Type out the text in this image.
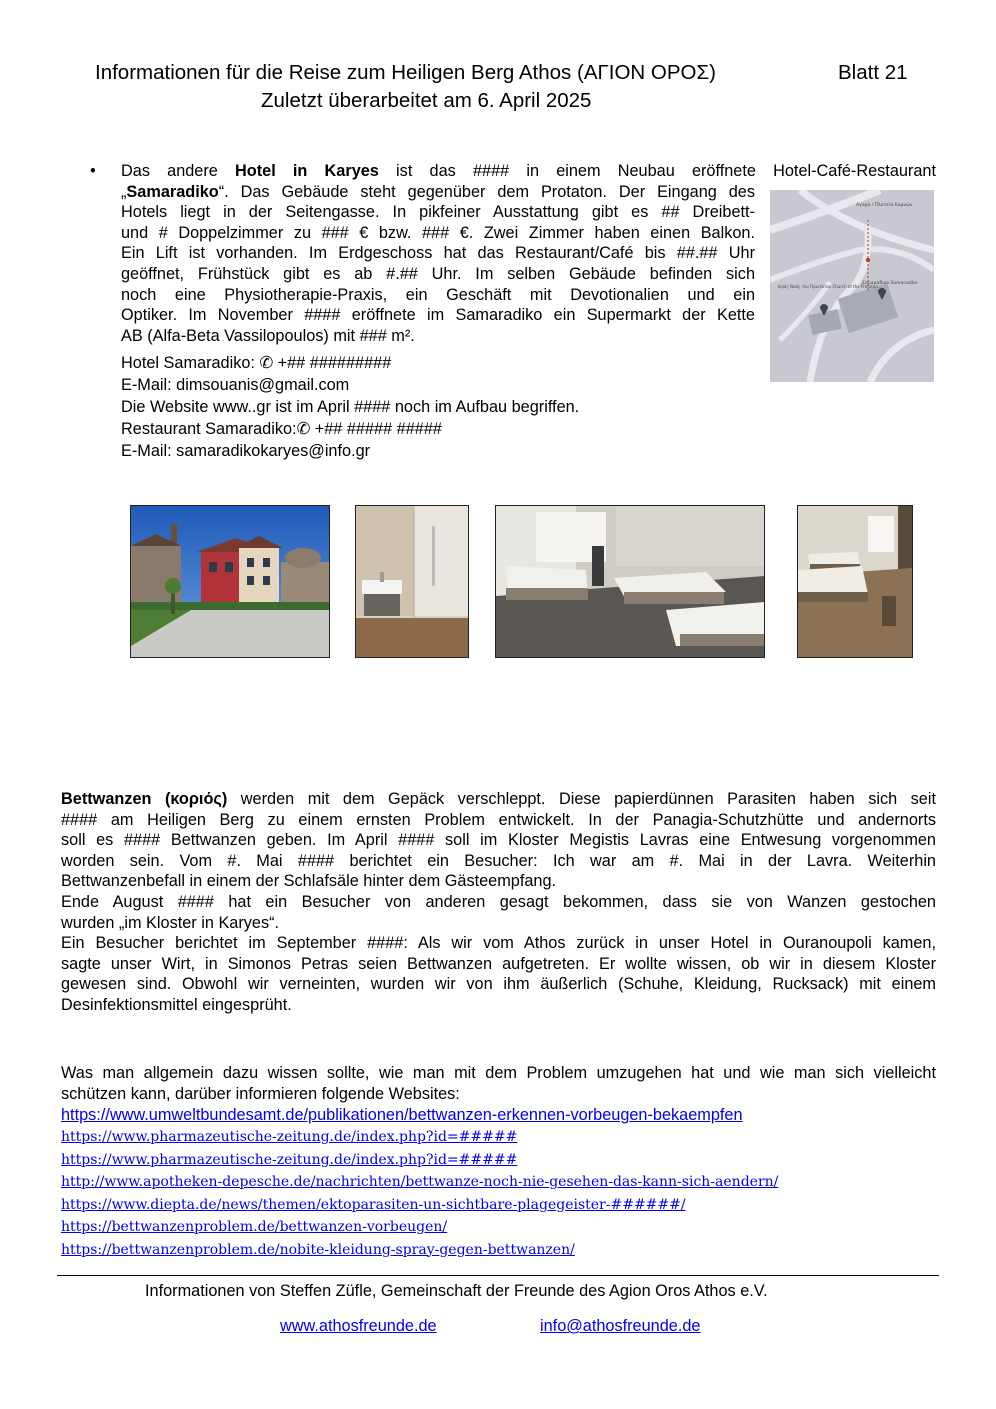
Informationen für die Reise zum Heiligen Berg Athos (ΑΓΙΟΝ ΟΡΟΣ)	Blatt 21
Zuletzt überarbeitet am 6. April 2025
• Das andere Hotel in Karyes ist das #### in einem Neubau eröffnete Hotel-Café-Restaurant
„Samaradiko“. Das Gebäude steht gegenüber dem Protaton. Der Eingang des
Hotels liegt in der Seitengasse. In pikfeiner Ausstattung gibt es ## Dreibett-
und # Doppelzimmer zu ### € bzw. ### €. Zwei Zimmer haben einen Balkon.
Ein Lift ist vorhanden. Im Erdgeschoss hat das Restaurant/Café bis ##.## Uhr
geöffnet, Frühstück gibt es ab #.## Uhr. Im selben Gebäude befinden sich
noch eine Physiotherapie-Praxis, ein Geschäft mit Devotionalien und ein
Optiker. Im November #### eröffnete im Samaradiko ein Supermarkt der Kette
AB (Alfa-Beta Vassilopoulos) mit ### m².
Αγορά / Πλατεία Καρυών
Ιερός Ναός του Πρωτάτου Church of the Protaton
Σαμαράδικο Samaradiko
Hotel Samaradiko: ✆ +## #########
E-Mail: dimsouanis@gmail.com
Die Website www..gr ist im April #### noch im Aufbau begriffen.
Restaurant Samaradiko:✆ +## ##### #####
E-Mail: samaradikokaryes@info.gr
Bettwanzen (κοριός) werden mit dem Gepäck verschleppt. Diese papierdünnen Parasiten haben sich seit
#### am Heiligen Berg zu einem ernsten Problem entwickelt. In der Panagia-Schutzhütte und andernorts
soll es #### Bettwanzen geben. Im April #### soll im Kloster Megistis Lavras eine Entwesung vorgenommen
worden sein. Vom #. Mai #### berichtet ein Besucher: Ich war am #. Mai in der Lavra. Weiterhin
Bettwanzenbefall in einem der Schlafsäle hinter dem Gästeempfang.
Ende August #### hat ein Besucher von anderen gesagt bekommen, dass sie von Wanzen gestochen
wurden „im Kloster in Karyes“.
Ein Besucher berichtet im September ####: Als wir vom Athos zurück in unser Hotel in Ouranoupoli kamen,
sagte unser Wirt, in Simonos Petras seien Bettwanzen aufgetreten. Er wollte wissen, ob wir in diesem Kloster
gewesen sind. Obwohl wir verneinten, wurden wir von ihm äußerlich (Schuhe, Kleidung, Rucksack) mit einem
Desinfektionsmittel eingesprüht.
Was man allgemein dazu wissen sollte, wie man mit dem Problem umzugehen hat und wie man sich vielleicht
schützen kann, darüber informieren folgende Websites:
https://www.umweltbundesamt.de/publikationen/bettwanzen-erkennen-vorbeugen-bekaempfen
https://www.pharmazeutische-zeitung.de/index.php?id=#####
https://www.pharmazeutische-zeitung.de/index.php?id=#####
http://www.apotheken-depesche.de/nachrichten/bettwanze-noch-nie-gesehen-das-kann-sich-aendern/
https://www.diepta.de/news/themen/ektoparasiten-un-sichtbare-plagegeister-######/
https://bettwanzenproblem.de/bettwanzen-vorbeugen/
https://bettwanzenproblem.de/nobite-kleidung-spray-gegen-bettwanzen/
Informationen von Steffen Züfle, Gemeinschaft der Freunde des Agion Oros Athos e.V.
www.athosfreunde.de	info@athosfreunde.de
